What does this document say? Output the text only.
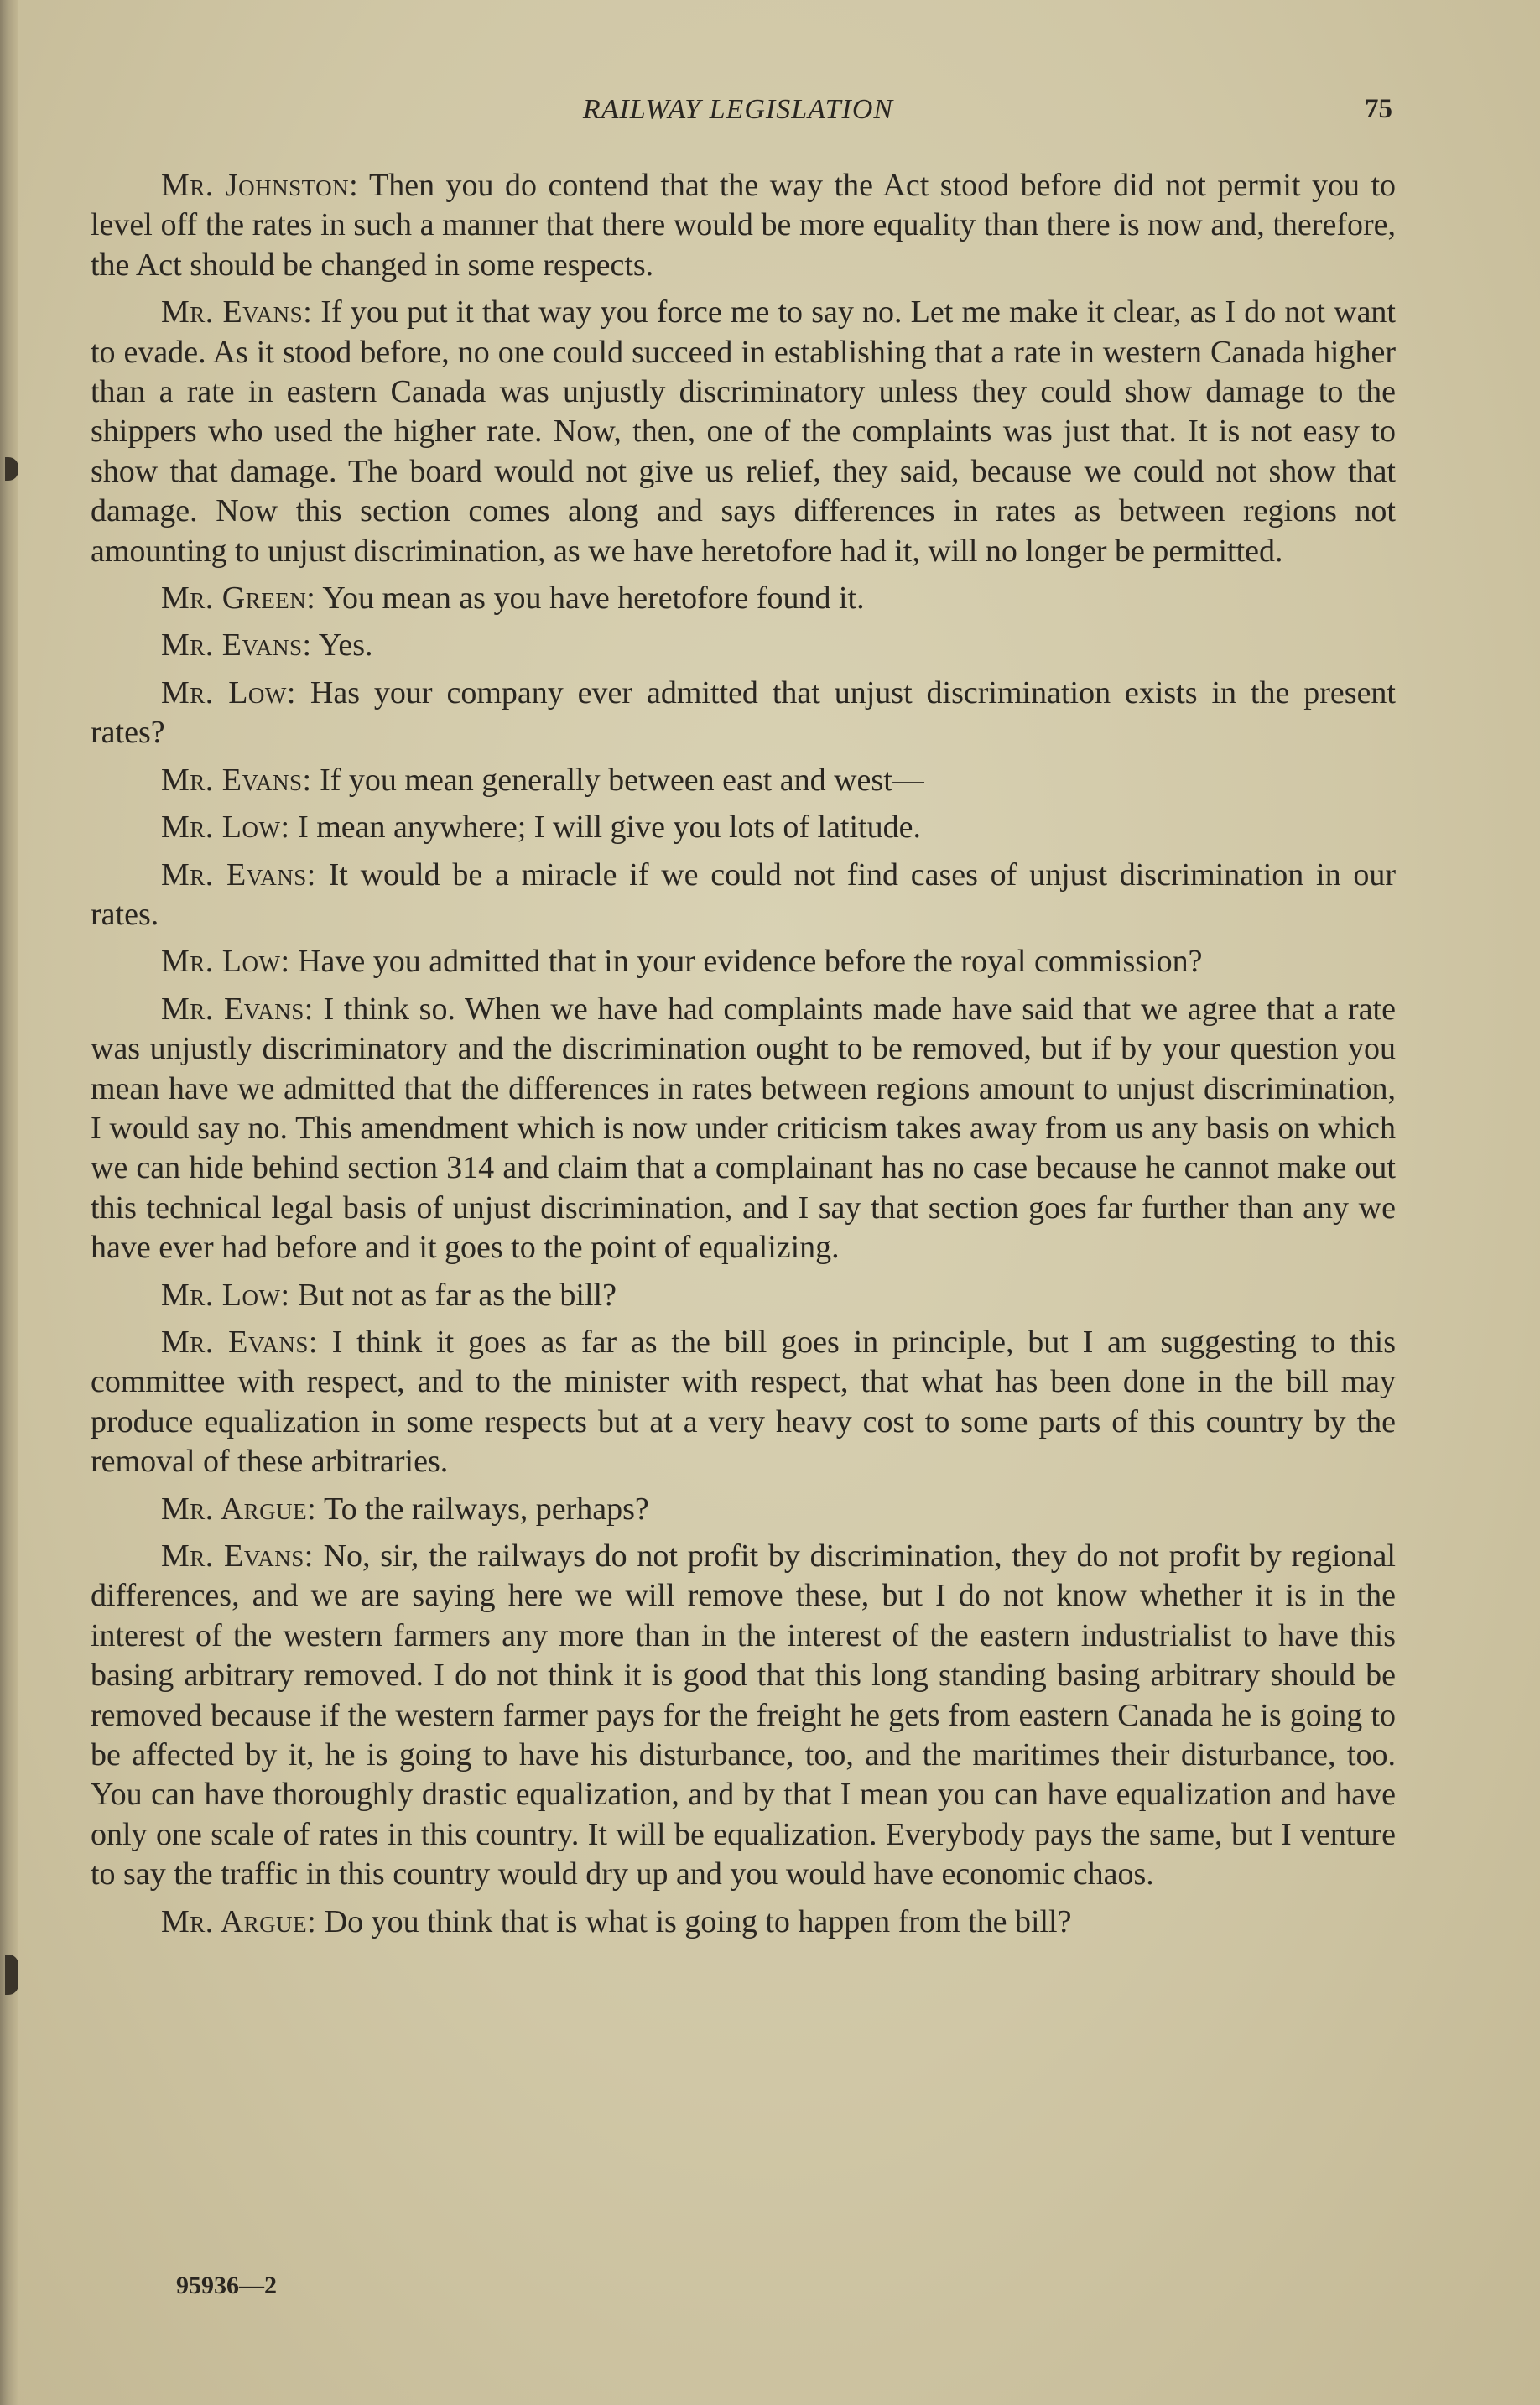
RAILWAY LEGISLATION	75

Mr. Johnston: Then you do contend that the way the Act stood before did not permit you to level off the rates in such a manner that there would be more equality than there is now and, therefore, the Act should be changed in some respects.

Mr. Evans: If you put it that way you force me to say no. Let me make it clear, as I do not want to evade. As it stood before, no one could succeed in establishing that a rate in western Canada higher than a rate in eastern Canada was unjustly discriminatory unless they could show damage to the shippers who used the higher rate. Now, then, one of the complaints was just that. It is not easy to show that damage. The board would not give us relief, they said, because we could not show that damage. Now this section comes along and says differences in rates as between regions not amounting to unjust discrimination, as we have heretofore had it, will no longer be permitted.

Mr. Green: You mean as you have heretofore found it.

Mr. Evans: Yes.

Mr. Low: Has your company ever admitted that unjust discrimination exists in the present rates?

Mr. Evans: If you mean generally between east and west—

Mr. Low: I mean anywhere; I will give you lots of latitude.

Mr. Evans: It would be a miracle if we could not find cases of unjust discrimination in our rates.

Mr. Low: Have you admitted that in your evidence before the royal commission?

Mr. Evans: I think so. When we have had complaints made have said that we agree that a rate was unjustly discriminatory and the discrimination ought to be removed, but if by your question you mean have we admitted that the differences in rates between regions amount to unjust discrimination, I would say no. This amendment which is now under criticism takes away from us any basis on which we can hide behind section 314 and claim that a complainant has no case because he cannot make out this technical legal basis of unjust discrimination, and I say that section goes far further than any we have ever had before and it goes to the point of equalizing.

Mr. Low: But not as far as the bill?

Mr. Evans: I think it goes as far as the bill goes in principle, but I am suggesting to this committee with respect, and to the minister with respect, that what has been done in the bill may produce equalization in some respects but at a very heavy cost to some parts of this country by the removal of these arbitraries.

Mr. Argue: To the railways, perhaps?

Mr. Evans: No, sir, the railways do not profit by discrimination, they do not profit by regional differences, and we are saying here we will remove these, but I do not know whether it is in the interest of the western farmers any more than in the interest of the eastern industrialist to have this basing arbitrary removed. I do not think it is good that this long standing basing arbitrary should be removed because if the western farmer pays for the freight he gets from eastern Canada he is going to be affected by it, he is going to have his disturbance, too, and the maritimes their disturbance, too. You can have thoroughly drastic equalization, and by that I mean you can have equalization and have only one scale of rates in this country. It will be equalization. Everybody pays the same, but I venture to say the traffic in this country would dry up and you would have economic chaos.

Mr. Argue: Do you think that is what is going to happen from the bill?

95936—2
